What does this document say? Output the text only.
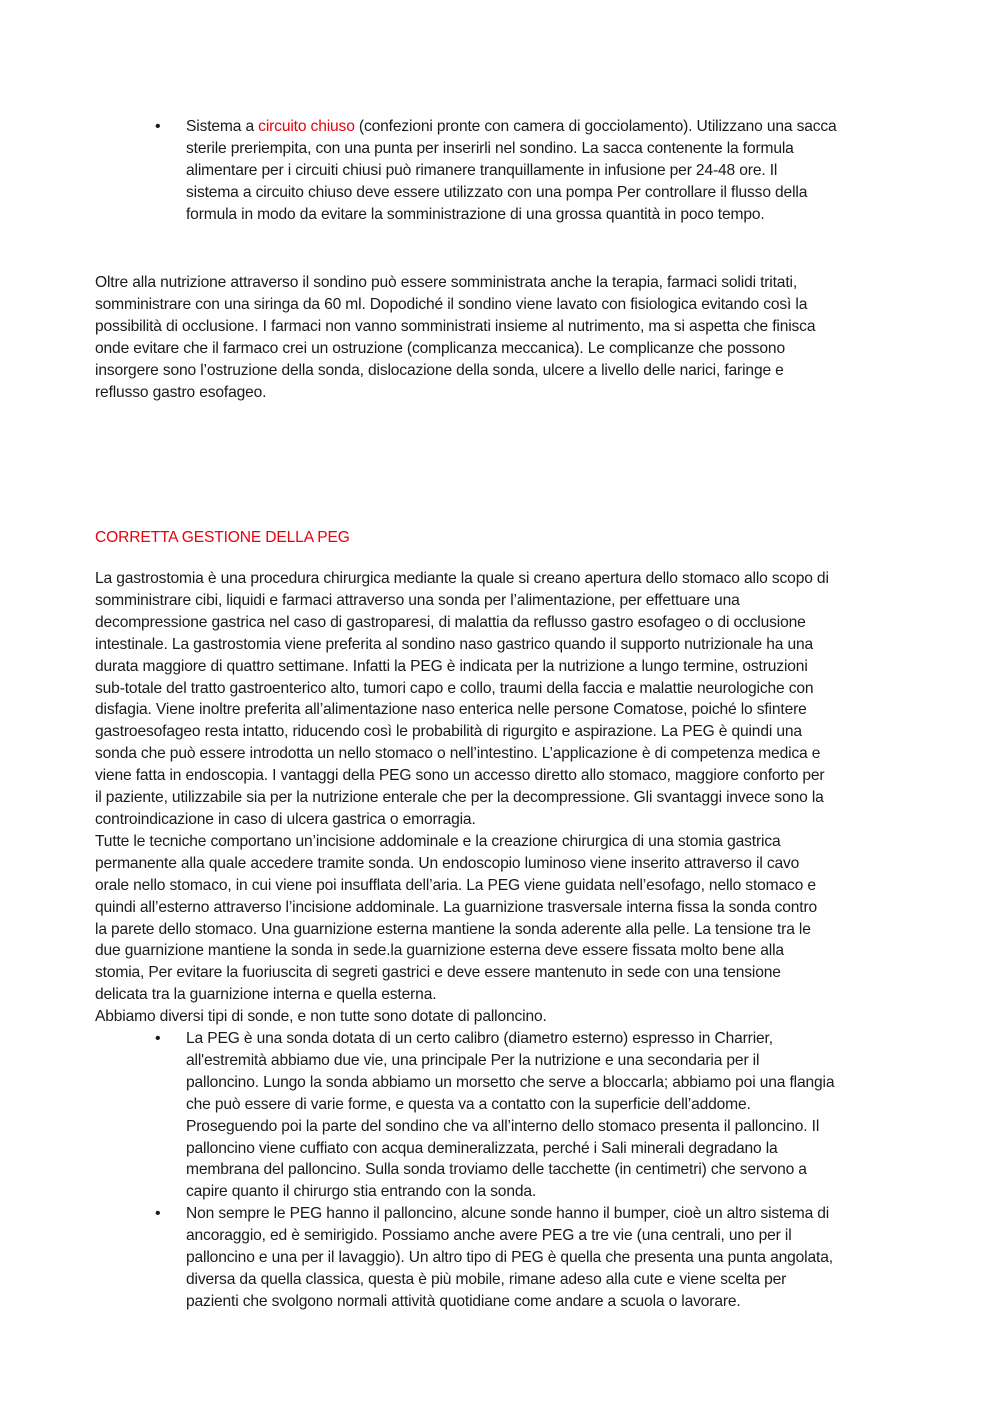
• Sistema a circuito chiuso (confezioni pronte con camera di gocciolamento). Utilizzano una sacca
sterile preriempita, con una punta per inserirli nel sondino. La sacca contenente la formula
alimentare per i circuiti chiusi può rimanere tranquillamente in infusione per 24-48 ore. Il
sistema a circuito chiuso deve essere utilizzato con una pompa Per controllare il flusso della
formula in modo da evitare la somministrazione di una grossa quantità in poco tempo.
Oltre alla nutrizione attraverso il sondino può essere somministrata anche la terapia, farmaci solidi tritati,
somministrare con una siringa da 60 ml. Dopodiché il sondino viene lavato con fisiologica evitando così la
possibilità di occlusione. I farmaci non vanno somministrati insieme al nutrimento, ma si aspetta che finisca
onde evitare che il farmaco crei un ostruzione (complicanza meccanica). Le complicanze che possono
insorgere sono l’ostruzione della sonda, dislocazione della sonda, ulcere a livello delle narici, faringe e
reflusso gastro esofageo.
CORRETTA GESTIONE DELLA PEG
La gastrostomia è una procedura chirurgica mediante la quale si creano apertura dello stomaco allo scopo di
somministrare cibi, liquidi e farmaci attraverso una sonda per l’alimentazione, per effettuare una
decompressione gastrica nel caso di gastroparesi, di malattia da reflusso gastro esofageo o di occlusione
intestinale. La gastrostomia viene preferita al sondino naso gastrico quando il supporto nutrizionale ha una
durata maggiore di quattro settimane. Infatti la PEG è indicata per la nutrizione a lungo termine, ostruzioni
sub-totale del tratto gastroenterico alto, tumori capo e collo, traumi della faccia e malattie neurologiche con
disfagia. Viene inoltre preferita all’alimentazione naso enterica nelle persone Comatose, poiché lo sfintere
gastroesofageo resta intatto, riducendo così le probabilità di rigurgito e aspirazione. La PEG è quindi una
sonda che può essere introdotta un nello stomaco o nell’intestino. L’applicazione è di competenza medica e
viene fatta in endoscopia. I vantaggi della PEG sono un accesso diretto allo stomaco, maggiore conforto per
il paziente, utilizzabile sia per la nutrizione enterale che per la decompressione. Gli svantaggi invece sono la
controindicazione in caso di ulcera gastrica o emorragia.
Tutte le tecniche comportano un’incisione addominale e la creazione chirurgica di una stomia gastrica
permanente alla quale accedere tramite sonda. Un endoscopio luminoso viene inserito attraverso il cavo
orale nello stomaco, in cui viene poi insufflata dell’aria. La PEG viene guidata nell’esofago, nello stomaco e
quindi all’esterno attraverso l’incisione addominale. La guarnizione trasversale interna fissa la sonda contro
la parete dello stomaco. Una guarnizione esterna mantiene la sonda aderente alla pelle. La tensione tra le
due guarnizione mantiene la sonda in sede.la guarnizione esterna deve essere fissata molto bene alla
stomia, Per evitare la fuoriuscita di segreti gastrici e deve essere mantenuto in sede con una tensione
delicata tra la guarnizione interna e quella esterna.
Abbiamo diversi tipi di sonde, e non tutte sono dotate di palloncino.
• La PEG è una sonda dotata di un certo calibro (diametro esterno) espresso in Charrier,
all'estremità abbiamo due vie, una principale Per la nutrizione e una secondaria per il
palloncino. Lungo la sonda abbiamo un morsetto che serve a bloccarla; abbiamo poi una flangia
che può essere di varie forme, e questa va a contatto con la superficie dell’addome.
Proseguendo poi la parte del sondino che va all’interno dello stomaco presenta il palloncino. Il
palloncino viene cuffiato con acqua demineralizzata, perché i Sali minerali degradano la
membrana del palloncino. Sulla sonda troviamo delle tacchette (in centimetri) che servono a
capire quanto il chirurgo stia entrando con la sonda.
• Non sempre le PEG hanno il palloncino, alcune sonde hanno il bumper, cioè un altro sistema di
ancoraggio, ed è semirigido. Possiamo anche avere PEG a tre vie (una centrali, uno per il
palloncino e una per il lavaggio). Un altro tipo di PEG è quella che presenta una punta angolata,
diversa da quella classica, questa è più mobile, rimane adeso alla cute e viene scelta per
pazienti che svolgono normali attività quotidiane come andare a scuola o lavorare.
